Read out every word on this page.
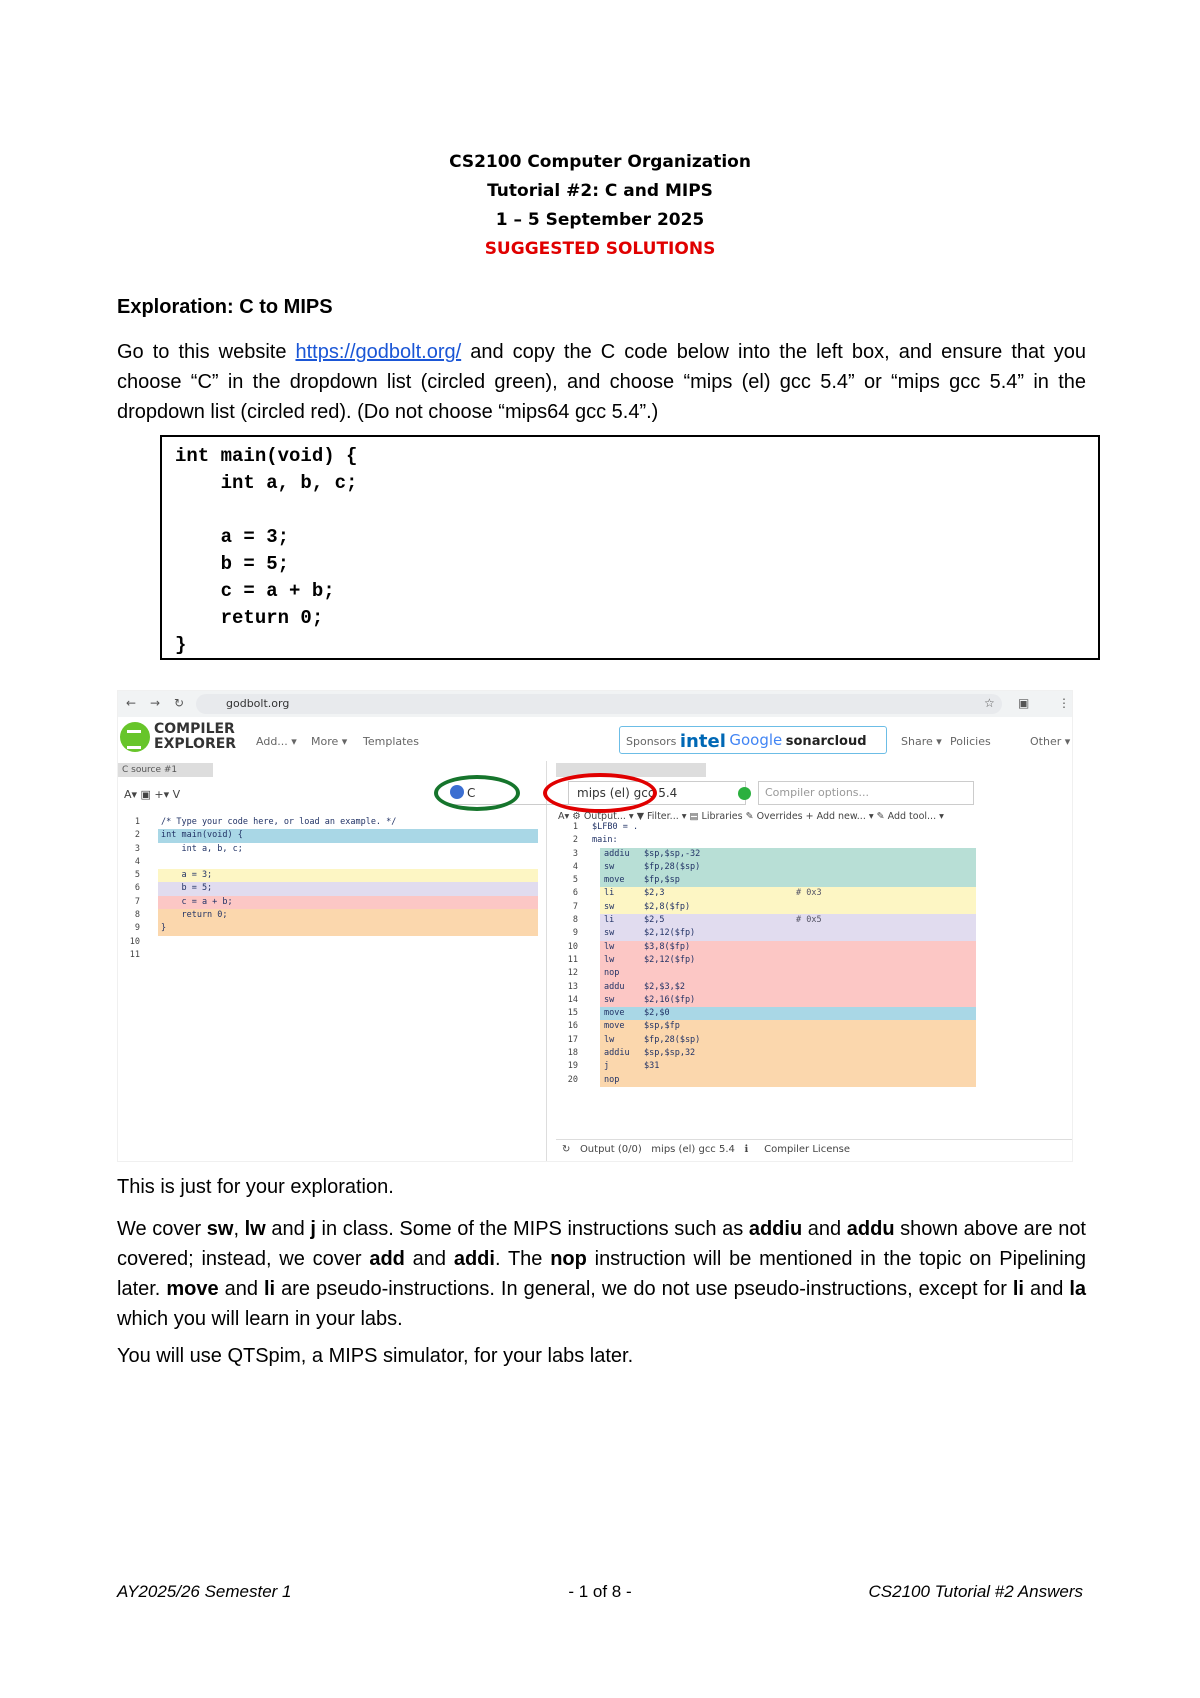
CS2100 Computer Organization
Tutorial #2: C and MIPS
1 – 5 September 2025
SUGGESTED SOLUTIONS
Exploration: C to MIPS
Go to this website https://godbolt.org/ and copy the C code below into the left box, and ensure that you choose “C” in the dropdown list (circled green), and choose “mips (el) gcc 5.4” or “mips gcc 5.4” in the dropdown list (circled red). (Do not choose “mips64 gcc 5.4”.)
int main(void) {
int a, b, c;
a = 3;
b = 5;
c = a + b;
return 0;
}
← → ↻	godbolt.org	☆ ▣ ⋮
COMPILER
EXPLORER Add... ▾ More ▾ Templates	Sponsors intel Google sonarcloud	Share ▾ Policies	Other ▾
C source #1
A▾ ▣ +▾ V	C	mips (el) gcc 5.4	Compiler options...
A▾ ⚙ Output... ▾ ▼ Filter... ▾ ▤ Libraries ✎ Overrides + Add new... ▾ ✎ Add tool... ▾
1	/* Type your code here, or load an example. */
2	int main(void) {
3	int a, b, c;
4
5	a = 3;
6	b = 5;
7	c = a + b;
8	return 0;
9	}
10
11
1 $LFB0 = .
2 main:
3	addiu $sp,$sp,-32
4	sw	$fp,28($sp)
5	move $fp,$sp
6	li	$2,3	# 0x3
7	sw	$2,8($fp)
8	li	$2,5	# 0x5
9	sw	$2,12($fp)
10	lw	$3,8($fp)
11	lw	$2,12($fp)
12	nop
13	addu $2,$3,$2
14	sw	$2,16($fp)
15	move $2,$0
16	move $sp,$fp
17	lw	$fp,28($sp)
18	addiu $sp,$sp,32
19	j	$31
20	nop
↻ Output (0/0) mips (el) gcc 5.4 ℹ Compiler License
This is just for your exploration.
We cover sw, lw and j in class. Some of the MIPS instructions such as addiu and addu shown above are not covered; instead, we cover add and addi. The nop instruction will be mentioned in the topic on Pipelining later. move and li are pseudo-instructions. In general, we do not use pseudo-instructions, except for li and la which you will learn in your labs.
You will use QTSpim, a MIPS simulator, for your labs later.
AY2025/26 Semester 1	- 1 of 8 -	CS2100 Tutorial #2 Answers
